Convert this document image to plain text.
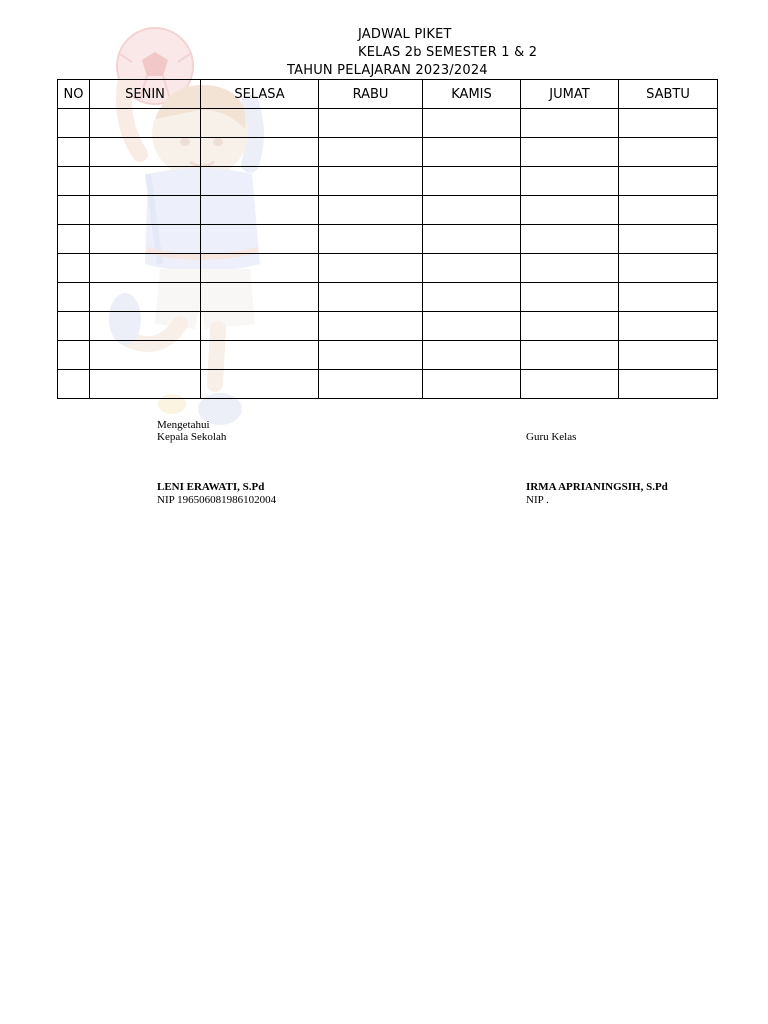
JADWAL PIKET
KELAS 2b SEMESTER 1 & 2
TAHUN PELAJARAN 2023/2024
NO	SENIN	SELASA	RABU	KAMIS	JUMAT	SABTU

Mengetahui
Kepala Sekolah
LENI ERAWATI, S.Pd
NIP 196506081986102004
Guru Kelas
IRMA APRIANINGSIH, S.Pd
NIP .
